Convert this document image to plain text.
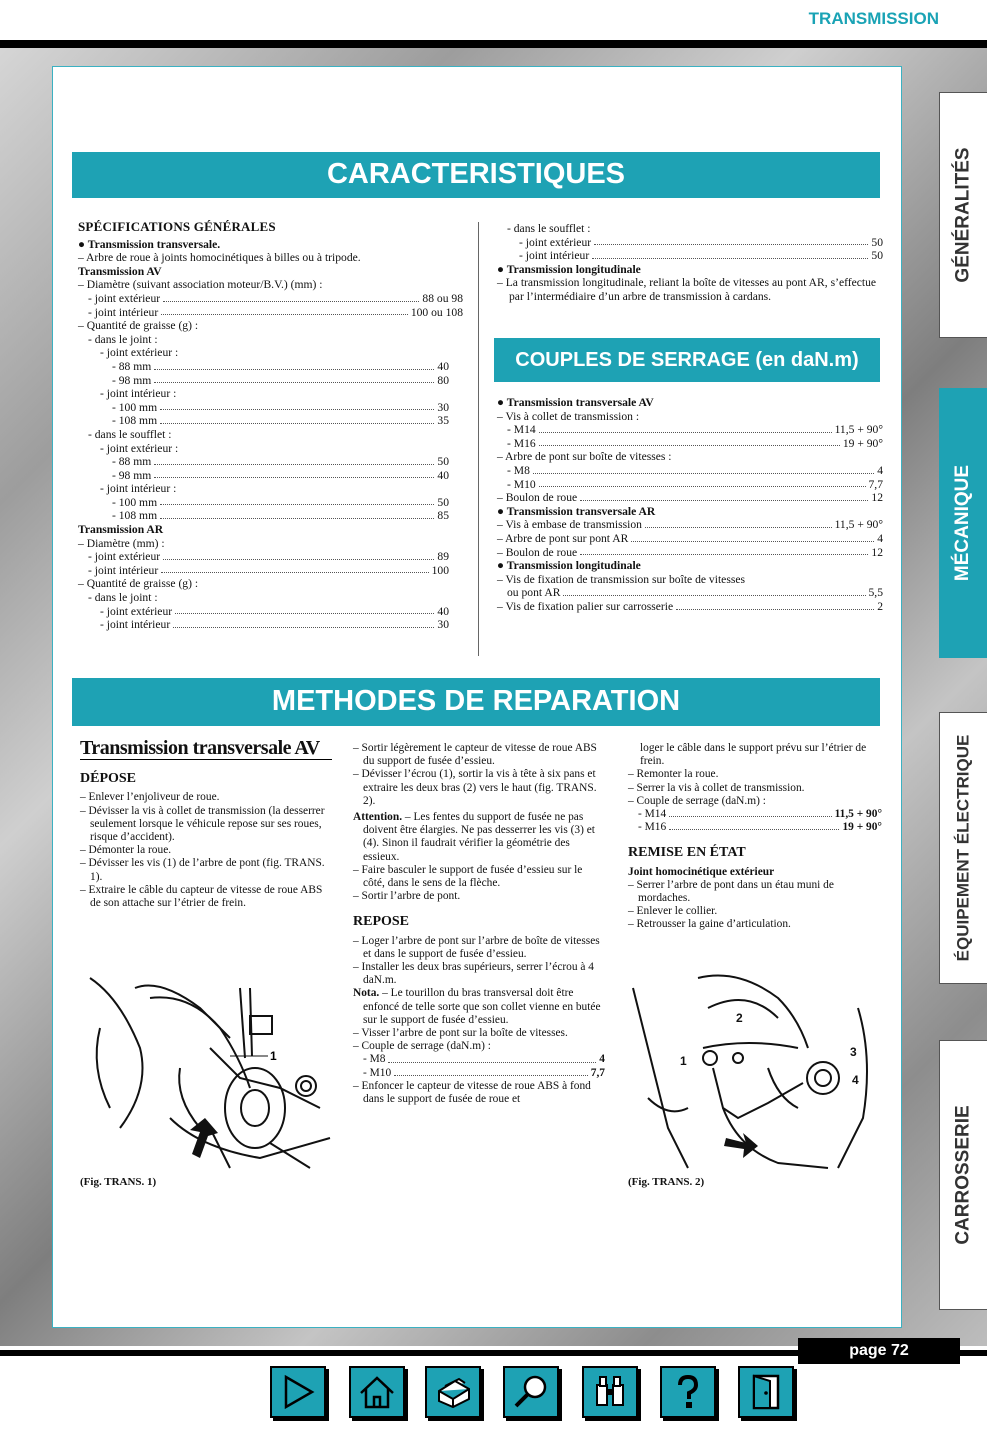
TRANSMISSION
CARACTERISTIQUES
SPÉCIFICATIONS GÉNÉRALES
● Transmission transversale.
– Arbre de roue à joints homocinétiques à billes ou à tripode.
Transmission AV
– Diamètre (suivant association moteur/B.V.) (mm) :
- joint extérieur	88 ou 98
- joint intérieur	100 ou 108
– Quantité de graisse (g) :
- dans le joint :
- joint extérieur :
- 88 mm	40
- 98 mm	80
- joint intérieur :
- 100 mm	30
- 108 mm	35
- dans le soufflet :
- joint extérieur :
- 88 mm	50
- 98 mm	40
- joint intérieur :
- 100 mm	50
- 108 mm	85
Transmission AR
– Diamètre (mm) :
- joint extérieur	89
- joint intérieur	100
– Quantité de graisse (g) :
- dans le joint :
- joint extérieur	40
- joint intérieur	30
- dans le soufflet :
- joint extérieur	50
- joint intérieur	50
● Transmission longitudinale
– La transmission longitudinale, reliant la boîte de vitesses au pont AR, s’effectue par l’intermédiaire d’un arbre de transmission à cardans.
COUPLES DE SERRAGE (en daN.m)
● Transmission transversale AV
– Vis à collet de transmission :
- M14	11,5 + 90°
- M16	19 + 90°
– Arbre de pont sur boîte de vitesses :
- M8	4
- M10	7,7
– Boulon de roue	12
● Transmission transversale AR
– Vis à embase de transmission	11,5 + 90°
– Arbre de pont sur pont AR	4
– Boulon de roue	12
● Transmission longitudinale
– Vis de fixation de transmission sur boîte de vitesses
ou pont AR	5,5
– Vis de fixation palier sur carrosserie	2
METHODES DE REPARATION
Transmission transversale AV
DÉPOSE
– Enlever l’enjoliveur de roue.
– Dévisser la vis à collet de transmission (la desserrer seulement lorsque le véhicule repose sur ses roues, risque d’accident).
– Démonter la roue.
– Dévisser les vis (1) de l’arbre de pont (fig. TRANS. 1).
– Extraire le câble du capteur de vitesse de roue ABS de son attache sur l’étrier de frein.
– Sortir légèrement le capteur de vitesse de roue ABS du support de fusée d’essieu.
– Dévisser l’écrou (1), sortir la vis à tête à six pans et extraire les deux bras (2) vers le haut (fig. TRANS. 2).
Attention. – Les fentes du support de fusée ne pas doivent être élargies. Ne pas desserrer les vis (3) et (4). Sinon il faudrait vérifier la géométrie des essieux.
– Faire basculer le support de fusée d’essieu sur le côté, dans le sens de la flèche.
– Sortir l’arbre de pont.
REPOSE
– Loger l’arbre de pont sur l’arbre de boîte de vitesses et dans le support de fusée d’essieu.
– Installer les deux bras supérieurs, serrer l’écrou à 4 daN.m.
Nota. – Le tourillon du bras transversal doit être enfoncé de telle sorte que son collet vienne en butée sur le support de fusée d’essieu.
– Visser l’arbre de pont sur la boîte de vitesses.
– Couple de serrage (daN.m) :
- M8	4
- M10	7,7
– Enfoncer le capteur de vitesse de roue ABS à fond dans le support de fusée de roue et
loger le câble dans le support prévu sur l’étrier de frein.
– Remonter la roue.
– Serrer la vis à collet de transmission.
– Couple de serrage (daN.m) :
- M14	11,5 + 90°
- M16	19 + 90°
REMISE EN ÉTAT
Joint homocinétique extérieur
– Serrer l’arbre de pont dans un étau muni de mordaches.
– Enlever le collier.
– Retrousser la gaine d’articulation.
1
(Fig. TRANS. 1)
2
1
3
4
(Fig. TRANS. 2)
GÉNÉRALITÉS
MÉCANIQUE
ÉQUIPEMENT ÉLECTRIQUE
CARROSSERIE
page 72
